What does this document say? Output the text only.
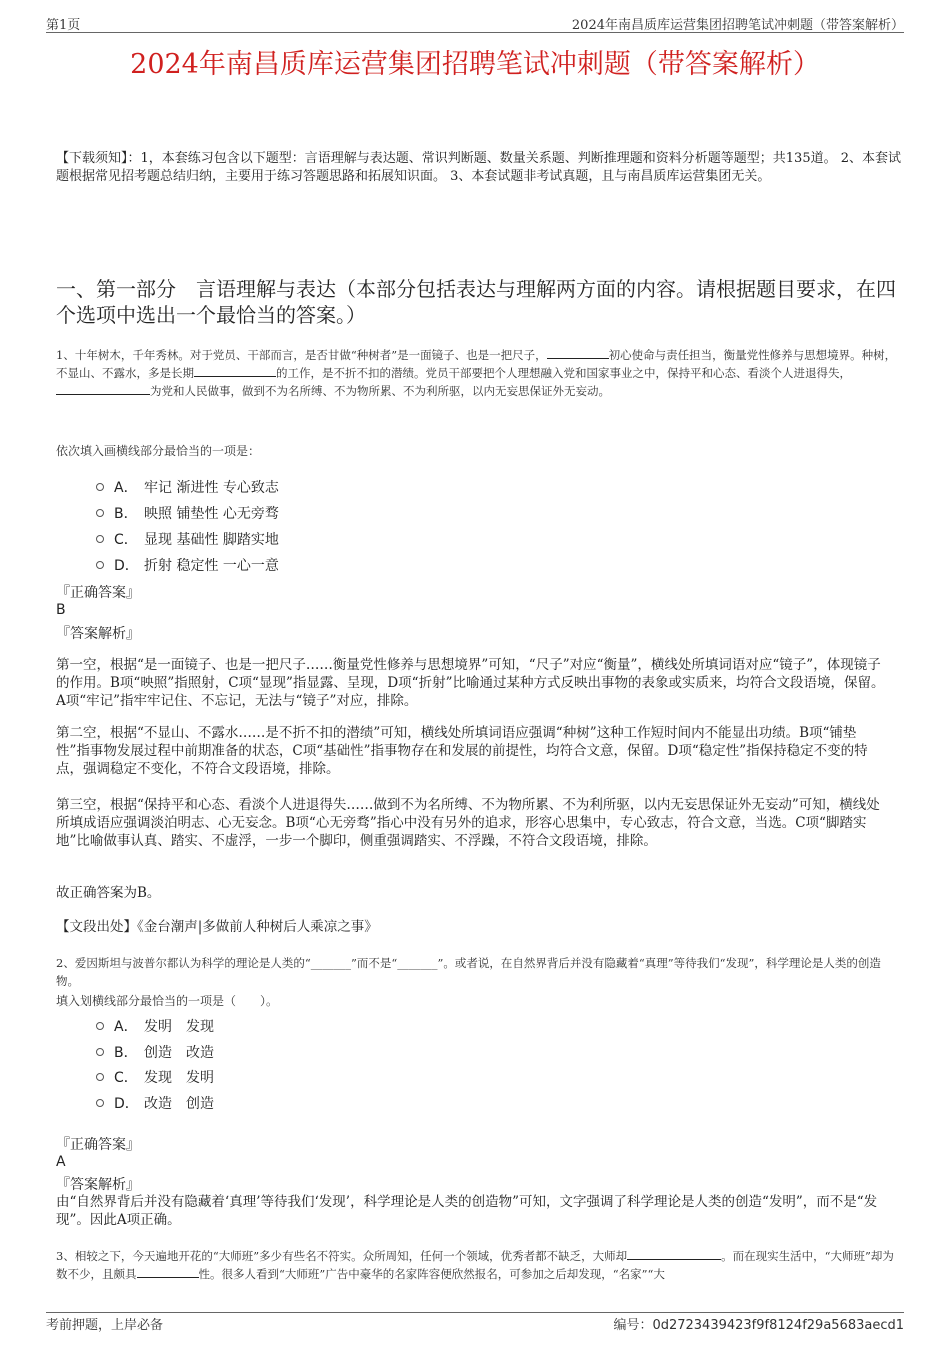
第1页	2024年南昌质库运营集团招聘笔试冲刺题（带答案解析）
2024年南昌质库运营集团招聘笔试冲刺题（带答案解析）
【下载须知】：1，本套练习包含以下题型：言语理解与表达题、常识判断题、数量关系题、判断推理题和资料分析题等题型；共135道。 2、本套试题根据常见招考题总结归纳，主要用于练习答题思路和拓展知识面。 3、本套试题非考试真题，且与南昌质库运营集团无关。
一、第一部分　言语理解与表达（本部分包括表达与理解两方面的内容。请根据题目要求，在四个选项中选出一个最恰当的答案。）
1、十年树木，千年秀林。对于党员、干部而言，是否甘做“种树者”是一面镜子、也是一把尺子，	初心使命与责任担当，衡量党性修养与思想境界。种树，不显山、不露水，多是长期	的工作，是不折不扣的潜绩。党员干部要把个人理想融入党和国家事业之中，保持平和心态、看淡个人进退得失，为党和人民做事，做到不为名所缚、不为物所累、不为利所驱，以内无妄思保证外无妄动。
依次填入画横线部分最恰当的一项是：
A． 牢记 渐进性 专心致志
B． 映照 铺垫性 心无旁骛
C． 显现 基础性 脚踏实地
D． 折射 稳定性 一心一意
『正确答案』
B
『答案解析』
第一空，根据“是一面镜子、也是一把尺子……衡量党性修养与思想境界”可知，“尺子”对应“衡量”，横线处所填词语对应“镜子”，体现镜子的作用。B项“映照”指照射，C项“显现”指显露、呈现，D项“折射”比喻通过某种方式反映出事物的表象或实质来，均符合文段语境，保留。A项“牢记”指牢牢记住、不忘记，无法与“镜子”对应，排除。
第二空，根据“不显山、不露水……是不折不扣的潜绩”可知，横线处所填词语应强调“种树”这种工作短时间内不能显出功绩。B项“铺垫性”指事物发展过程中前期准备的状态，C项“基础性”指事物存在和发展的前提性，均符合文意，保留。D项“稳定性”指保持稳定不变的特点，强调稳定不变化，不符合文段语境，排除。
第三空，根据“保持平和心态、看淡个人进退得失……做到不为名所缚、不为物所累、不为利所驱，以内无妄思保证外无妄动”可知，横线处所填成语应强调淡泊明志、心无妄念。B项“心无旁骛”指心中没有另外的追求，形容心思集中，专心致志，符合文意，当选。C项“脚踏实地”比喻做事认真、踏实、不虚浮，一步一个脚印，侧重强调踏实、不浮躁，不符合文段语境，排除。
故正确答案为B。
【文段出处】《金台潮声|多做前人种树后人乘凉之事》
2、爱因斯坦与波普尔都认为科学的理论是人类的“_______”而不是“_______”。或者说，在自然界背后并没有隐藏着“真理”等待我们“发现”，科学理论是人类的创造物。
填入划横线部分最恰当的一项是（　　）。
A． 发明　发现
B． 创造　改造
C． 发现　发明
D． 改造　创造
『正确答案』
A
『答案解析』
由“自然界背后并没有隐藏着‘真理’等待我们‘发现’，科学理论是人类的创造物”可知，文字强调了科学理论是人类的创造“发明”，而不是“发现”。因此A项正确。
3、相较之下，今天遍地开花的“大师班”多少有些名不符实。众所周知，任何一个领域，优秀者都不缺乏，大师却	。而在现实生活中，“大师班”却为数不少，且颇具	性。很多人看到“大师班”广告中豪华的名家阵容便欣然报名，可参加之后却发现，“名家”“大
考前押题，上岸必备	编号：0d2723439423f9f8124f29a5683aecd1
